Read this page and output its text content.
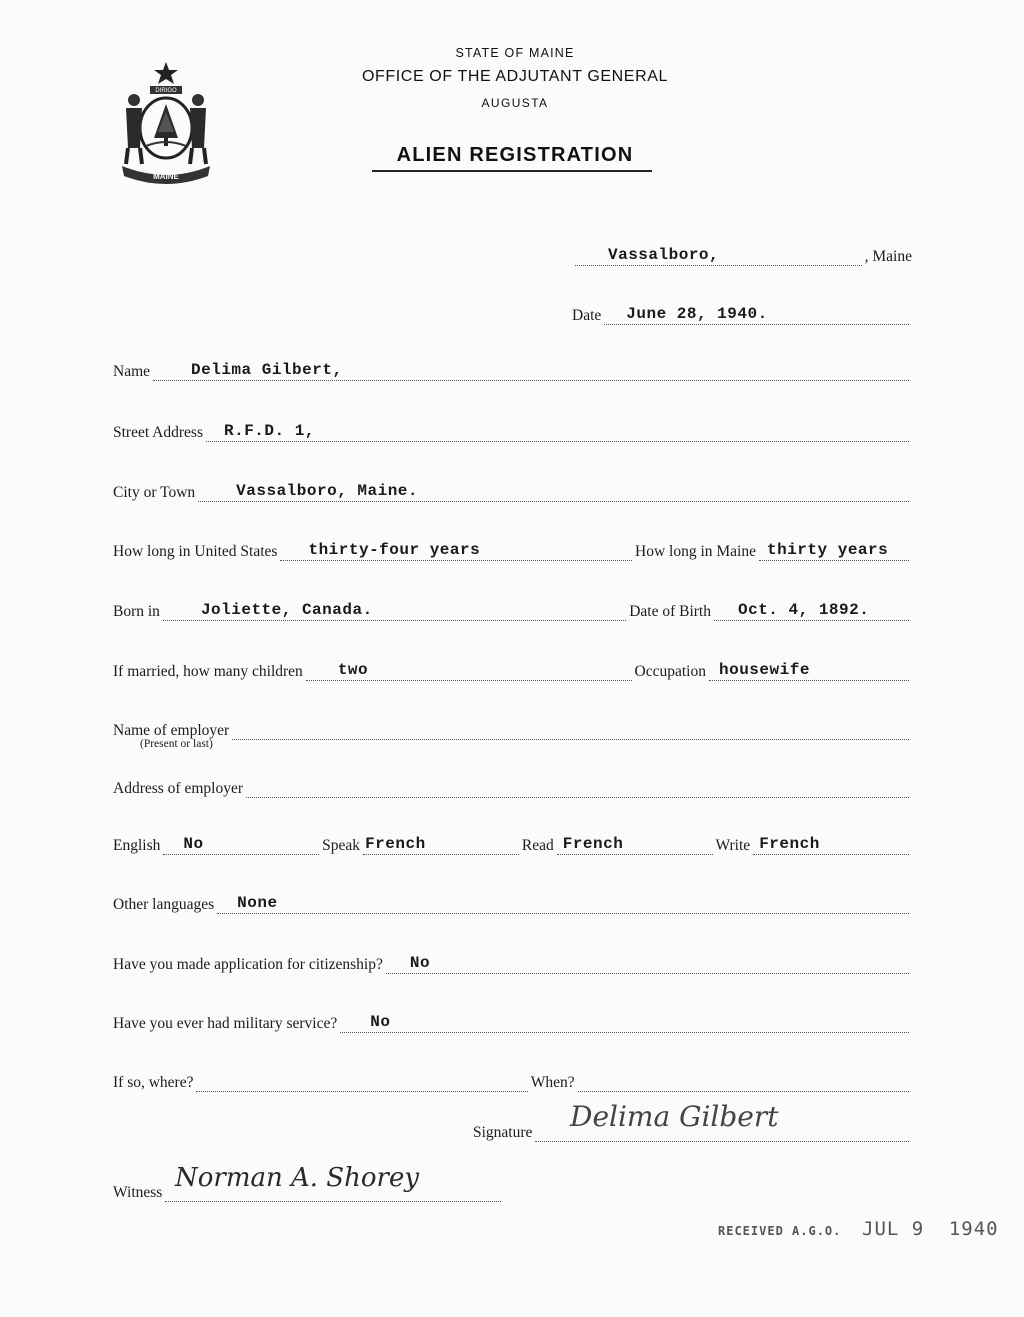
DIRIGO
MAINE
STATE OF MAINE
OFFICE OF THE ADJUTANT GENERAL
AUGUSTA
ALIEN REGISTRATION
Vassalboro,	, Maine
Date June 28, 1940.
Name	Delima Gilbert,
Street Address R.F.D. 1,
City or Town	Vassalboro, Maine.
How long in United States thirty-four years	How long in Maine thirty years
Born in	Joliette, Canada.	Date of Birth Oct. 4, 1892.
If married, how many children two	Occupation housewife
Name of employer
(Present or last)
Address of employer
English No	Speak French	Read French	Write French
Other languages None
Have you made application for citizenship? No
Have you ever had military service? No
If so, where?	When?
Signature Delima Gilbert
Witness Norman A. Shorey
RECEIVED A.G.O. JUL 9 1940
